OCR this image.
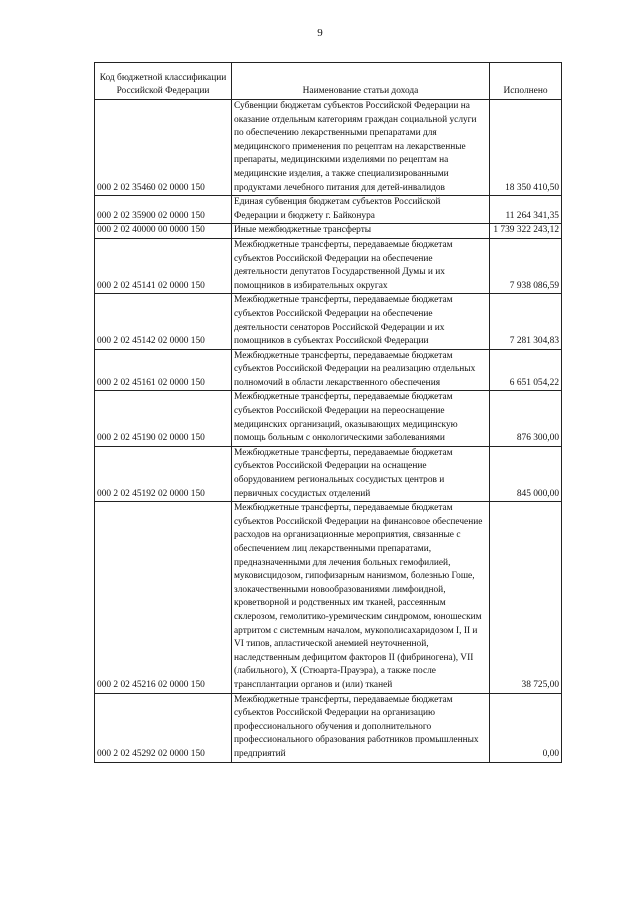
9
Код бюджетной классификации Российской Федерации	Наименование статьи дохода	Исполнено
000 2 02 35460 02 0000 150	Субвенции бюджетам субъектов Российской Федерации на оказание отдельным категориям граждан социальной услуги по обеспечению лекарственными препаратами для медицинского применения по рецептам на лекарственные препараты, медицинскими изделиями по рецептам на медицинские изделия, а также специализированными продуктами лечебного питания для детей-инвалидов	18 350 410,50
000 2 02 35900 02 0000 150	Единая субвенция бюджетам субъектов Российской Федерации и бюджету г. Байконура	11 264 341,35
000 2 02 40000 00 0000 150	Иные межбюджетные трансферты	1 739 322 243,12
000 2 02 45141 02 0000 150	Межбюджетные трансферты, передаваемые бюджетам субъектов Российской Федерации на обеспечение деятельности депутатов Государственной Думы и их помощников в избирательных округах	7 938 086,59
000 2 02 45142 02 0000 150	Межбюджетные трансферты, передаваемые бюджетам субъектов Российской Федерации на обеспечение деятельности сенаторов Российской Федерации и их помощников в субъектах Российской Федерации	7 281 304,83
000 2 02 45161 02 0000 150	Межбюджетные трансферты, передаваемые бюджетам субъектов Российской Федерации на реализацию отдельных полномочий в области лекарственного обеспечения	6 651 054,22
000 2 02 45190 02 0000 150	Межбюджетные трансферты, передаваемые бюджетам субъектов Российской Федерации на переоснащение медицинских организаций, оказывающих медицинскую помощь больным с онкологическими заболеваниями	876 300,00
000 2 02 45192 02 0000 150	Межбюджетные трансферты, передаваемые бюджетам субъектов Российской Федерации на оснащение оборудованием региональных сосудистых центров и первичных сосудистых отделений	845 000,00
000 2 02 45216 02 0000 150	Межбюджетные трансферты, передаваемые бюджетам субъектов Российской Федерации на финансовое обеспечение расходов на организационные мероприятия, связанные с обеспечением лиц лекарственными препаратами, предназначенными для лечения больных гемофилией, муковисцидозом, гипофизарным нанизмом, болезнью Гоше, злокачественными новообразованиями лимфоидной, кроветворной и родственных им тканей, рассеянным склерозом, гемолитико-уремическим синдромом, юношеским артритом с системным началом, мукополисахаридозом I, II и VI типов, апластической анемией неуточненной, наследственным дефицитом факторов II (фибриногена), VII (лабильного), X (Стюарта-Прауэра), а также после трансплантации органов и (или) тканей	38 725,00
000 2 02 45292 02 0000 150	Межбюджетные трансферты, передаваемые бюджетам субъектов Российской Федерации на организацию профессионального обучения и дополнительного профессионального образования работников промышленных предприятий	0,00
